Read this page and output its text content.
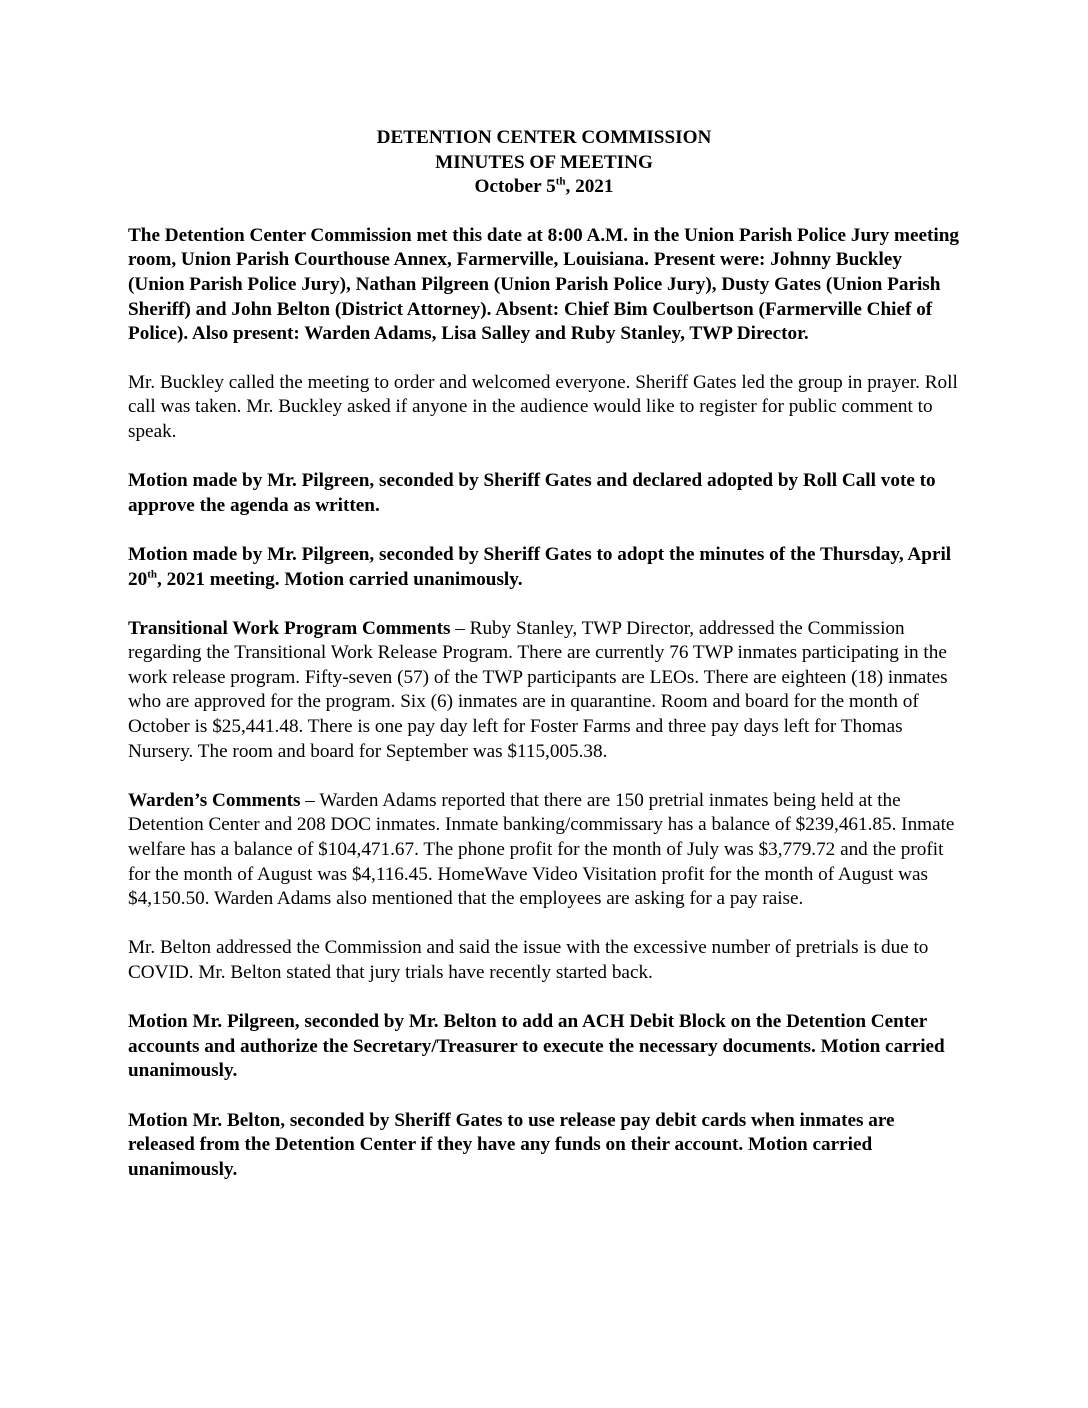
DETENTION CENTER COMMISSION
MINUTES OF MEETING
October 5th, 2021

The Detention Center Commission met this date at 8:00 A.M. in the Union Parish Police Jury meeting room, Union Parish Courthouse Annex, Farmerville, Louisiana. Present were: Johnny Buckley (Union Parish Police Jury), Nathan Pilgreen (Union Parish Police Jury), Dusty Gates (Union Parish Sheriff) and John Belton (District Attorney). Absent: Chief Bim Coulbertson (Farmerville Chief of Police). Also present: Warden Adams, Lisa Salley and Ruby Stanley, TWP Director.

Mr. Buckley called the meeting to order and welcomed everyone. Sheriff Gates led the group in prayer. Roll call was taken. Mr. Buckley asked if anyone in the audience would like to register for public comment to speak.

Motion made by Mr. Pilgreen, seconded by Sheriff Gates and declared adopted by Roll Call vote to approve the agenda as written.

Motion made by Mr. Pilgreen, seconded by Sheriff Gates to adopt the minutes of the Thursday, April 20th, 2021 meeting. Motion carried unanimously.

Transitional Work Program Comments – Ruby Stanley, TWP Director, addressed the Commission regarding the Transitional Work Release Program. There are currently 76 TWP inmates participating in the work release program. Fifty-seven (57) of the TWP participants are LEOs. There are eighteen (18) inmates who are approved for the program. Six (6) inmates are in quarantine. Room and board for the month of October is $25,441.48. There is one pay day left for Foster Farms and three pay days left for Thomas Nursery. The room and board for September was $115,005.38.

Warden’s Comments – Warden Adams reported that there are 150 pretrial inmates being held at the Detention Center and 208 DOC inmates. Inmate banking/commissary has a balance of $239,461.85. Inmate welfare has a balance of $104,471.67. The phone profit for the month of July was $3,779.72 and the profit for the month of August was $4,116.45. HomeWave Video Visitation profit for the month of August was $4,150.50. Warden Adams also mentioned that the employees are asking for a pay raise.

Mr. Belton addressed the Commission and said the issue with the excessive number of pretrials is due to COVID. Mr. Belton stated that jury trials have recently started back.

Motion Mr. Pilgreen, seconded by Mr. Belton to add an ACH Debit Block on the Detention Center accounts and authorize the Secretary/Treasurer to execute the necessary documents. Motion carried unanimously.

Motion Mr. Belton, seconded by Sheriff Gates to use release pay debit cards when inmates are released from the Detention Center if they have any funds on their account. Motion carried unanimously.
